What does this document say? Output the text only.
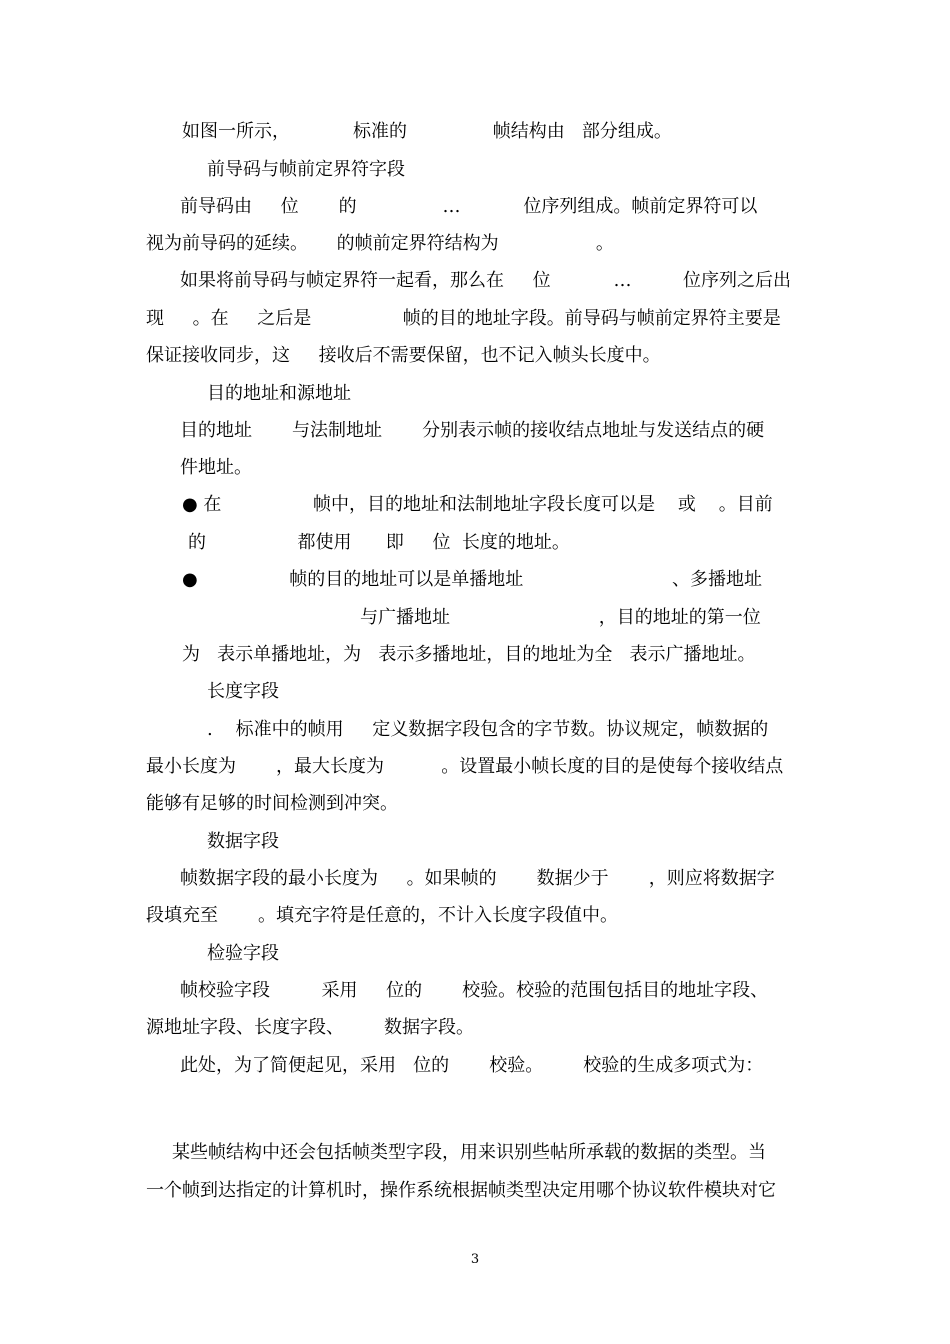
如图一所示，           标准的               帧结构由   部分组成。

前导码与帧前定界符字段

前导码由     位       的               …           位序列组成。帧前定界符可以

视为前导码的延续。     的帧前定界符结构为                 。

如果将前导码与帧定界符一起看，那么在     位           …         位序列之后出

现     。在     之后是                帧的目的地址字段。前导码与帧前定界符主要是

保证接收同步，这     接收后不需要保留，也不记入帧头长度中。

目的地址和源地址

目的地址       与法制地址       分别表示帧的接收结点地址与发送结点的硬

件地址。

● 在                帧中，目的地址和法制地址字段长度可以是    或    。目前

的                都使用      即     位  长度的地址。

●                帧的目的地址可以是单播地址                          、多播地址

与广播地址                          ，目的地址的第一位

为   表示单播地址，为   表示多播地址，目的地址为全   表示广播地址。

长度字段

.    标准中的帧用     定义数据字段包含的字节数。协议规定，帧数据的

最小长度为       ，最大长度为          。设置最小帧长度的目的是使每个接收结点

能够有足够的时间检测到冲突。

数据字段

帧数据字段的最小长度为     。如果帧的       数据少于       ，则应将数据字

段填充至       。填充字符是任意的，不计入长度字段值中。

检验字段

帧校验字段         采用     位的       校验。校验的范围包括目的地址字段、

源地址字段、长度字段、       数据字段。

此处，为了简便起见，采用   位的       校验。       校验的生成多项式为：

某些帧结构中还会包括帧类型字段，用来识别些帖所承载的数据的类型。当

一个帧到达指定的计算机时，操作系统根据帧类型决定用哪个协议软件模块对它

3
